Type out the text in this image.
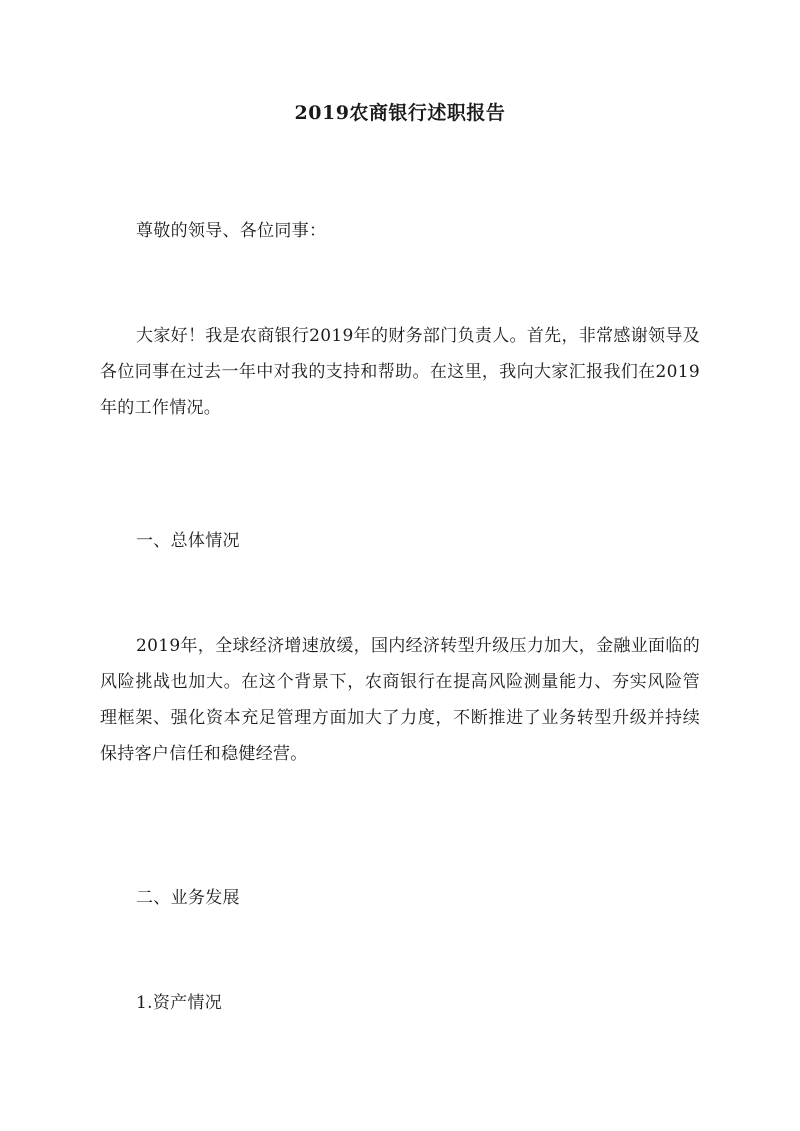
2019农商银行述职报告

尊敬的领导、各位同事：

大家好！我是农商银行2019年的财务部门负责人。首先，非常感谢领导及各位同事在过去一年中对我的支持和帮助。在这里，我向大家汇报我们在2019年的工作情况。

一、总体情况

2019年，全球经济增速放缓，国内经济转型升级压力加大，金融业面临的风险挑战也加大。在这个背景下，农商银行在提高风险测量能力、夯实风险管理框架、强化资本充足管理方面加大了力度，不断推进了业务转型升级并持续保持客户信任和稳健经营。

二、业务发展

1.资产情况
